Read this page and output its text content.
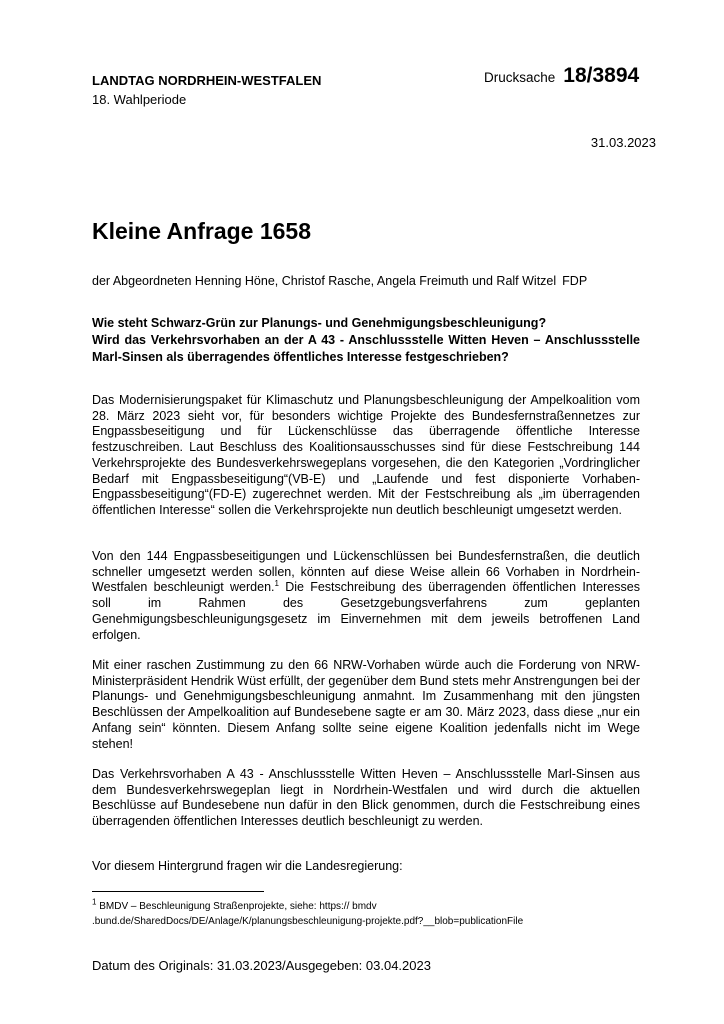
LANDTAG NORDRHEIN-WESTFALEN
18. Wahlperiode
Drucksache 18/3894
31.03.2023
Kleine Anfrage 1658
der Abgeordneten Henning Höne, Christof Rasche, Angela Freimuth und Ralf Witzel FDP
Wie steht Schwarz-Grün zur Planungs- und Genehmigungsbeschleunigung?
Wird das Verkehrsvorhaben an der A 43 - Anschlussstelle Witten Heven – Anschlussstelle Marl-Sinsen als überragendes öffentliches Interesse festgeschrieben?
Das Modernisierungspaket für Klimaschutz und Planungsbeschleunigung der Ampelkoalition vom 28. März 2023 sieht vor, für besonders wichtige Projekte des Bundesfernstraßennetzes zur Engpassbeseitigung und für Lückenschlüsse das überragende öffentliche Interesse festzuschreiben. Laut Beschluss des Koalitionsausschusses sind für diese Festschreibung 144 Verkehrsprojekte des Bundesverkehrswegeplans vorgesehen, die den Kategorien „Vordringlicher Bedarf mit Engpassbeseitigung“(VB-E) und „Laufende und fest disponierte Vorhaben-Engpassbeseitigung“(FD-E) zugerechnet werden. Mit der Festschreibung als „im überragenden öffentlichen Interesse“ sollen die Verkehrsprojekte nun deutlich beschleunigt umgesetzt werden.
Von den 144 Engpassbeseitigungen und Lückenschlüssen bei Bundesfernstraßen, die deutlich schneller umgesetzt werden sollen, könnten auf diese Weise allein 66 Vorhaben in Nordrhein-Westfalen beschleunigt werden.$^1$ Die Festschreibung des überragenden öffentlichen Interesses soll im Rahmen des Gesetzgebungsverfahrens zum geplanten Genehmigungsbeschleunigungsgesetz im Einvernehmen mit dem jeweils betroffenen Land erfolgen.
Mit einer raschen Zustimmung zu den 66 NRW-Vorhaben würde auch die Forderung von NRW-Ministerpräsident Hendrik Wüst erfüllt, der gegenüber dem Bund stets mehr Anstrengungen bei der Planungs- und Genehmigungsbeschleunigung anmahnt. Im Zusammenhang mit den jüngsten Beschlüssen der Ampelkoalition auf Bundesebene sagte er am 30. März 2023, dass diese „nur ein Anfang sein“ könnten. Diesem Anfang sollte seine eigene Koalition jedenfalls nicht im Wege stehen!
Das Verkehrsvorhaben A 43 - Anschlussstelle Witten Heven – Anschlussstelle Marl-Sinsen aus dem Bundesverkehrswegeplan liegt in Nordrhein-Westfalen und wird durch die aktuellen Beschlüsse auf Bundesebene nun dafür in den Blick genommen, durch die Festschreibung eines überragenden öffentlichen Interesses deutlich beschleunigt zu werden.
Vor diesem Hintergrund fragen wir die Landesregierung:
$^1$ BMDV – Beschleunigung Straßenprojekte, siehe: https:// bmdv
.bund.de/SharedDocs/DE/Anlage/K/planungsbeschleunigung-projekte.pdf?__blob=publicationFile
Datum des Originals: 31.03.2023/Ausgegeben: 03.04.2023
